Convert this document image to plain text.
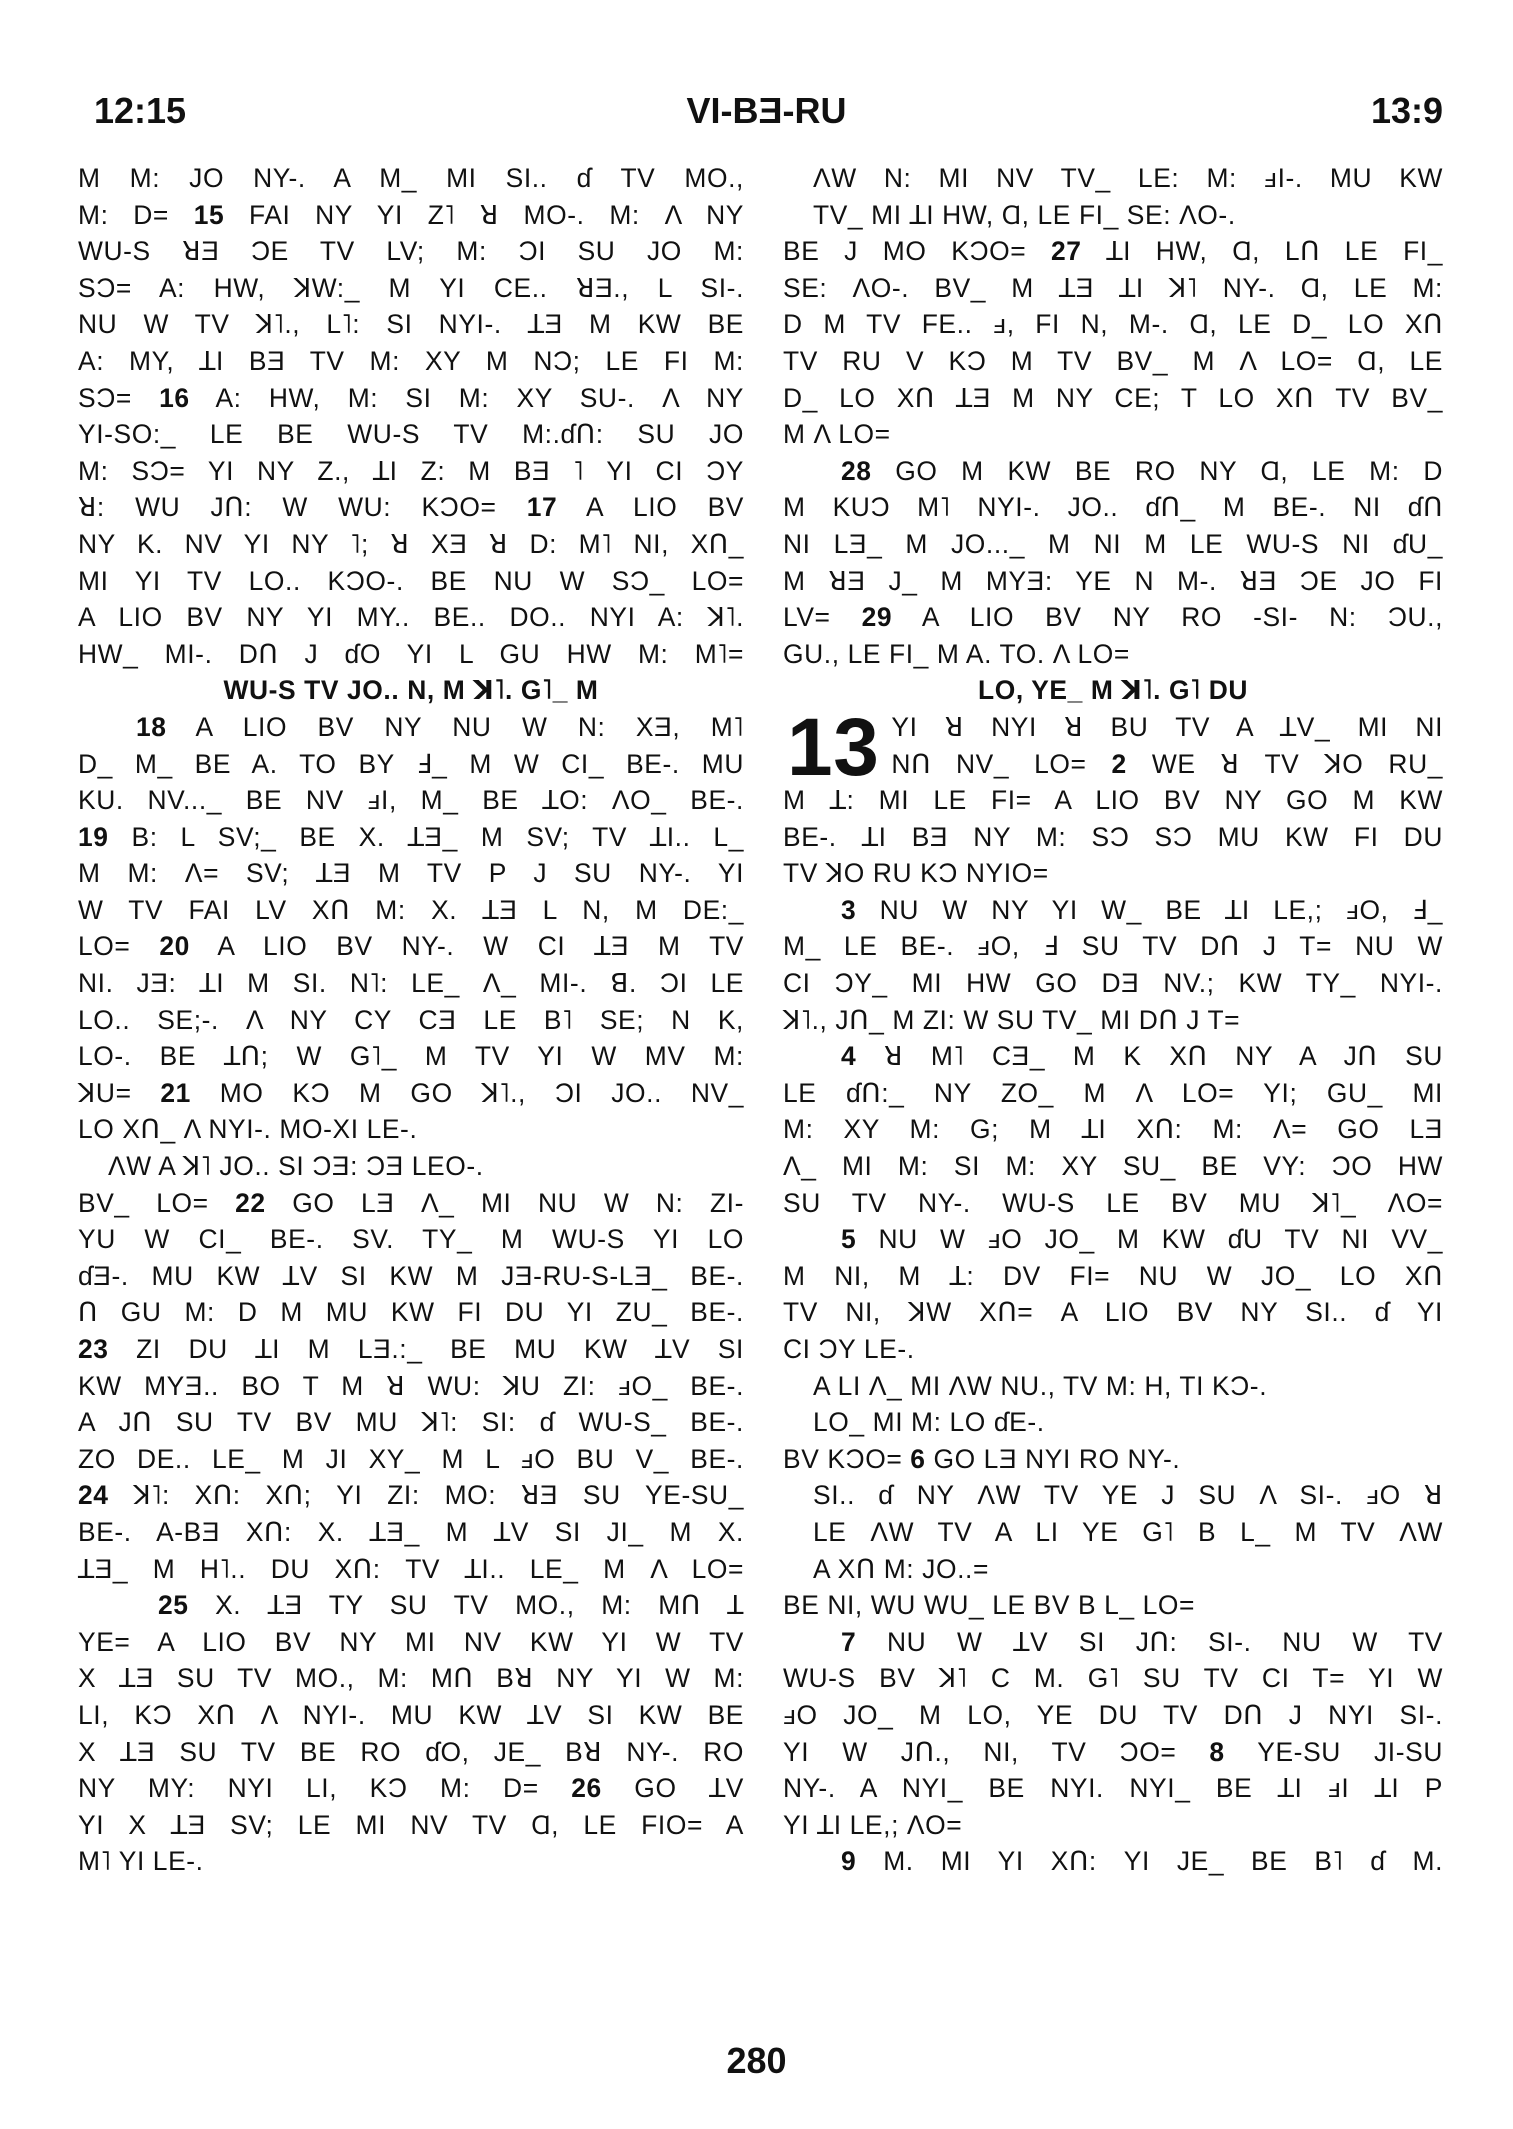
12:15	VI-BƎ-RU	13:9

M M: JO NY-. A M_ MI SI.. ɗ TV MO.,

M: D= 15 FAI NY YI Z˥ ꓤ MO-. M: Λ NY

WU-S ꓤƎ ƆE TV LV; M: ƆI SU JO M:

SƆ= A: HW, ꓘW:_ M YI CE.. ꓤƎ., L SI-.

NU W TV ꓘ˥., L˥: SI NYI-. ꓕƎ M KW BE

A: MY, ꓕI BƎ TV M: XY M NƆ; LE FI M:

SƆ= 16 A: HW, M: SI M: XY SU-. Λ NY

YI-SO:_ LE BE WU-S TV M:.ɗꓵ: SU JO

M: SƆ= YI NY Z., ꓕI Z: M BƎ ˥ YI CI ƆY

ꓤ: WU Jꓵ: W WU: KƆO= 17 A LIO BV

NY K. NV YI NY ˥; ꓤ XƎ ꓤ D: M˥ NI, Xꓵ_

MI YI TV LO.. KƆO-. BE NU W SƆ_ LO=

A LIO BV NY YI MY.. BE.. DO.. NYI A: ꓘ˥.

HW_ MI-. Dꓵ J ɗO YI L GU HW M: M˥=

WU-S TV JO.. N, M ꓘ˥. G˥_ M

18 A LIO BV NY NU W N: XƎ, M˥

D_ M_ BE A. TO BY Ⅎ_ M W CI_ BE-. MU

KU. NV..._ BE NV ⅎI, M_ BE ꓕO: ΛO_ BE-.

19 B: L SV;_ BE X. ꓕƎ_ M SV; TV ꓕI.. L_

M M: Λ= SV; ꓕƎ M TV P J SU NY-. YI

W TV FAI LV Xꓵ M: X. ꓕƎ L N, M DE:_

LO= 20 A LIO BV NY-. W CI ꓕƎ M TV

NI. JƎ: ꓕI M SI. N˥: LE_ Λ_ MI-. ꓭ. ƆI LE

LO.. SE;-. Λ NY CY CƎ LE B˥ SE; N K,

LO-. BE ꓕꓵ; W G˥_ M TV YI W MV M:

ꓘU= 21 MO KƆ M GO ꓘ˥., ƆI JO.. NV_

LO Xꓵ_ Λ NYI-. MO-XI LE-.

ΛW A ꓘ˥ JO.. SI ƆƎ: ƆƎ LEO-.

BV_ LO= 22 GO LƎ Λ_ MI NU W N: ZI-

YU W CI_ BE-. SV. TY_ M WU-S YI LO

ɗƎ-. MU KW ꓕV SI KW M JƎ-RU-S-LƎ_ BE-.

ꓵ GU M: D M MU KW FI DU YI ZU_ BE-.

23 ZI DU ꓕI M LƎ.:_ BE MU KW ꓕV SI

KW MYƎ.. BO T M ꓤ WU: ꓘU ZI: ⅎO_ BE-.

A Jꓵ SU TV BV MU ꓘ˥: SI: ɗ WU-S_ BE-.

ZO DE.. LE_ M JI XY_ M L ⅎO BU V_ BE-.

24 ꓘ˥: Xꓵ: Xꓵ; YI ZI: MO: ꓤƎ SU YE-SU_

BE-. A-BƎ Xꓵ: X. ꓕƎ_ M ꓕV SI JI_ M X.

ꓕƎ_ M H˥.. DU Xꓵ: TV ꓕI.. LE_ M Λ LO=

25 X. ꓕƎ TY SU TV MO., M: Mꓵ ꓕ

YE= A LIO BV NY MI NV KW YI W TV

X ꓕƎ SU TV MO., M: Mꓵ Bꓤ NY YI W M:

LI, KƆ Xꓵ Λ NYI-. MU KW ꓕV SI KW BE

X ꓕƎ SU TV BE RO ɗO, JE_ Bꓤ NY-. RO

NY MY: NYI LI, KƆ M: D= 26 GO ꓕV

YI X ꓕƎ SV; LE MI NV TV Ɑ, LE FIO= A

M˥ YI LE-.

ΛW N: MI NV TV_ LE: M: ⅎI-. MU KW

TV_ MI ꓕI HW, Ɑ, LE FI_ SE: ΛO-.

BE J MO KƆO= 27 ꓕI HW, Ɑ, Lꓵ LE FI_

SE: ΛO-. BV_ M ꓕƎ ꓕI ꓘ˥ NY-. Ɑ, LE M:

D M TV FE.. ⅎ, FI N, M-. Ɑ, LE D_ LO Xꓵ

TV RU V KƆ M TV BV_ M Λ LO= Ɑ, LE

D_ LO Xꓵ ꓕƎ M NY CE; T LO Xꓵ TV BV_

M Λ LO=

28 GO M KW BE RO NY Ɑ, LE M: D

M KUƆ M˥ NYI-. JO.. ɗꓵ_ M BE-. NI ɗꓵ

NI LƎ_ M JO..._ M NI M LE WU-S NI ɗU_

M ꓤƎ J_ M MYƎ: YE N M-. ꓤƎ ƆE JO FI

LV= 29 A LIO BV NY RO -SI- N: ƆU.,

GU., LE FI_ M A. TO. Λ LO=

LO, YE_ M ꓘ˥. G˥ DU

13 YI ꓤ NYI ꓤ BU TV A ꓕV_ MI NI

Nꓵ NV_ LO= 2 WE ꓤ TV ꓘO RU_

M ꓕ: MI LE FI= A LIO BV NY GO M KW

BE-. ꓕI BƎ NY M: SƆ SƆ MU KW FI DU

TV ꓘO RU KƆ NYIO=

3 NU W NY YI W_ BE ꓕI LE,; ⅎO, Ⅎ_

M_ LE BE-. ⅎO, Ⅎ SU TV Dꓵ J T= NU W

CI ƆY_ MI HW GO DƎ NV.; KW TY_ NYI-.

ꓘ˥., Jꓵ_ M ZI: W SU TV_ MI Dꓵ J T=

4 ꓤ M˥ CƎ_ M K Xꓵ NY A Jꓵ SU

LE ɗꓵ:_ NY ZO_ M Λ LO= YI; GU_ MI

M: XY M: G; M ꓕI Xꓵ: M: Λ= GO LƎ

Λ_ MI M: SI M: XY SU_ BE VY: ƆO HW

SU TV NY-. WU-S LE BV MU ꓘ˥_ ΛO=

5 NU W ⅎO JO_ M KW ɗU TV NI VV_

M NI, M ꓕ: DV FI= NU W JO_ LO Xꓵ

TV NI, ꓘW Xꓵ= A LIO BV NY SI.. ɗ YI

CI ƆY LE-.

A LI Λ_ MI ΛW NU., TV M: H, TI KƆ-.

LO_ MI M: LO ɗE-.

BV KƆO= 6 GO LƎ NYI RO NY-.

SI.. ɗ NY ΛW TV YE J SU Λ SI-. ⅎO ꓤ

LE ΛW TV A LI YE G˥ B L_ M TV ΛW

A Xꓵ M: JO..=

BE NI, WU WU_ LE BV B L_ LO=

7 NU W ꓕV SI Jꓵ: SI-. NU W TV

WU-S BV ꓘ˥ C M. G˥ SU TV CI T= YI W

ⅎO JO_ M LO, YE DU TV Dꓵ J NYI SI-.

YI W Jꓵ., NI, TV ƆO= 8 YE-SU JI-SU

NY-. A NYI_ BE NYI. NYI_ BE ꓕI ⅎI ꓕI P

YI ꓕI LE,; ΛO=

9 M. MI YI Xꓵ: YI JE_ BE B˥ ɗ M.

280
